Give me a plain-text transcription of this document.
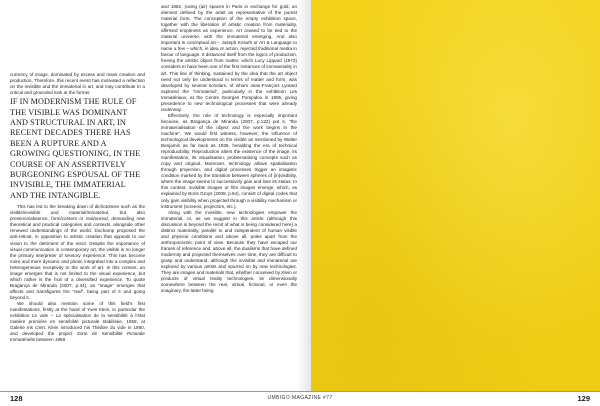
currency of image, dominated by excess and mass creation and production. Therefore, this recent event has motivated a reflection on the invisible and the immaterial in art, and may contribute to a critical and grounded look at the former.

IF IN MODERNISM THE RULE OF THE VISIBLE WAS DOMINANT AND STRUCTURAL IN ART, IN RECENT DECADES THERE HAS BEEN A RUPTURE AND A GROWING QUESTIONING, IN THE COURSE OF AN ASSERTIVELY BURGEONING ESPOUSAL OF THE INVISIBLE, THE IMMATERIAL AND THE INTANGIBLE.

This has led to the breaking down of dichotomies such as the visible/invisible and material/immaterial, but also presence/absence, form/content or real/unreal, demanding new theoretical and practical categories and contexts, alongside other renewed understandings of the world. Duchamp proposed the anti-retinal, in opposition to artistic creation that appeals to our vision to the detriment of the mind. Despite the importance of visual communication in contemporary art, the visible is no longer the primary interpreter of sensory experience. This has become more and more dynamic and plural, integrated into a complex and heterogeneous receptivity to the work of art. In this context, an image emerges that is not limited to the visual experience, but which rather is the fruit of a diversified experience. To quote Bragança de Miranda (2007, p.34), an "image" emerges that affects and transfigures the "real", being part of it and going beyond it.

We should also mention some of this field's first manifestations, firstly at the hand of Yves Klein, in particular the exhibition Le vide – La spécialisation de la sensibilité à l'état matière première en sensibilité picturale stabilisée, 1958, at Galerie Iris Clert. Klein introduced his Théâtre du vide in 1960, and developed the project Zone de Sensibilité Picturale Immatérielle between 1959

and 1962, (using (air) spaces in Paris in exchange for gold, an element defined by the artist as representative of the purest material form. The conception of the empty exhibition space, together with the liberation of artistic creation from materiality, affirmed emptiness as experience. Art ceased to be tied to the material universe, with the immaterial emerging. And also important is conceptual art – Joseph Kosuth or Art & Language to name a few – which, in idea or action, rejected traditional media in favour of language. It distanced itself from the logics of production, freeing the artistic object from matter, which Lucy Lippard (1973) considers to have been one of the first instances of immateriality in art. This line of thinking, sustained by the idea that the art object need not only be understood in terms of matter and form, was developed by several scholars, of whom Jean-François Lyotard explored the "immaterial", particularly in the exhibition Les Immatériaux, at the Centre Georges Pompidou in 1985, giving precedence to new technological processes that were already underway.

Effectively, the role of technology is especially important because, as Bragança de Miranda (2007, p.122) put it, "the immaterialisation of the object and the work begins in the machine". We would first witness, however, the influence of technological developments on the visible as mentioned by Walter Benjamin as far back as 1935, heralding the era of technical reproducibility. Reproduction alters the existence of the image, its manifestation, its visualisation, problematising concepts such as copy and original. Moreover, technology allows spatialisation through projection, and digital processes trigger an imagistic condition marked by the transition between spheres of (in)visibility, where the image seems to successively gain and lose its status. In this context, invisible images or film images emerge, which, as explained by Boris Groys (2008, p.84), consist of digital codes that only gain visibility when projected through a visibility mechanism or instrument (screens, projectors, etc.).

Along with the invisible, new technologies empower the immaterial, or, as we suggest in this article (although this discussion is beyond the remit of what is being considered here) a distinct materiality, parallel to and independent of human visible and physical conditions and above all, poles apart from the anthropocentric point of view. Because they have escaped our frames of reference and, above all, the dualisms that have defined modernity and projected themselves over time, they are difficult to grasp and understand, although the invisible and immaterial are explored by various artists and spurred on by new technologies. They are images and materials that, whether conceived by Klein or products of virtual reality technologies, lie dimensionally somewhere between the real, virtual, fictional, or even the imaginary, the latter being

128	UMBIGO MAGAZINE #77	129
